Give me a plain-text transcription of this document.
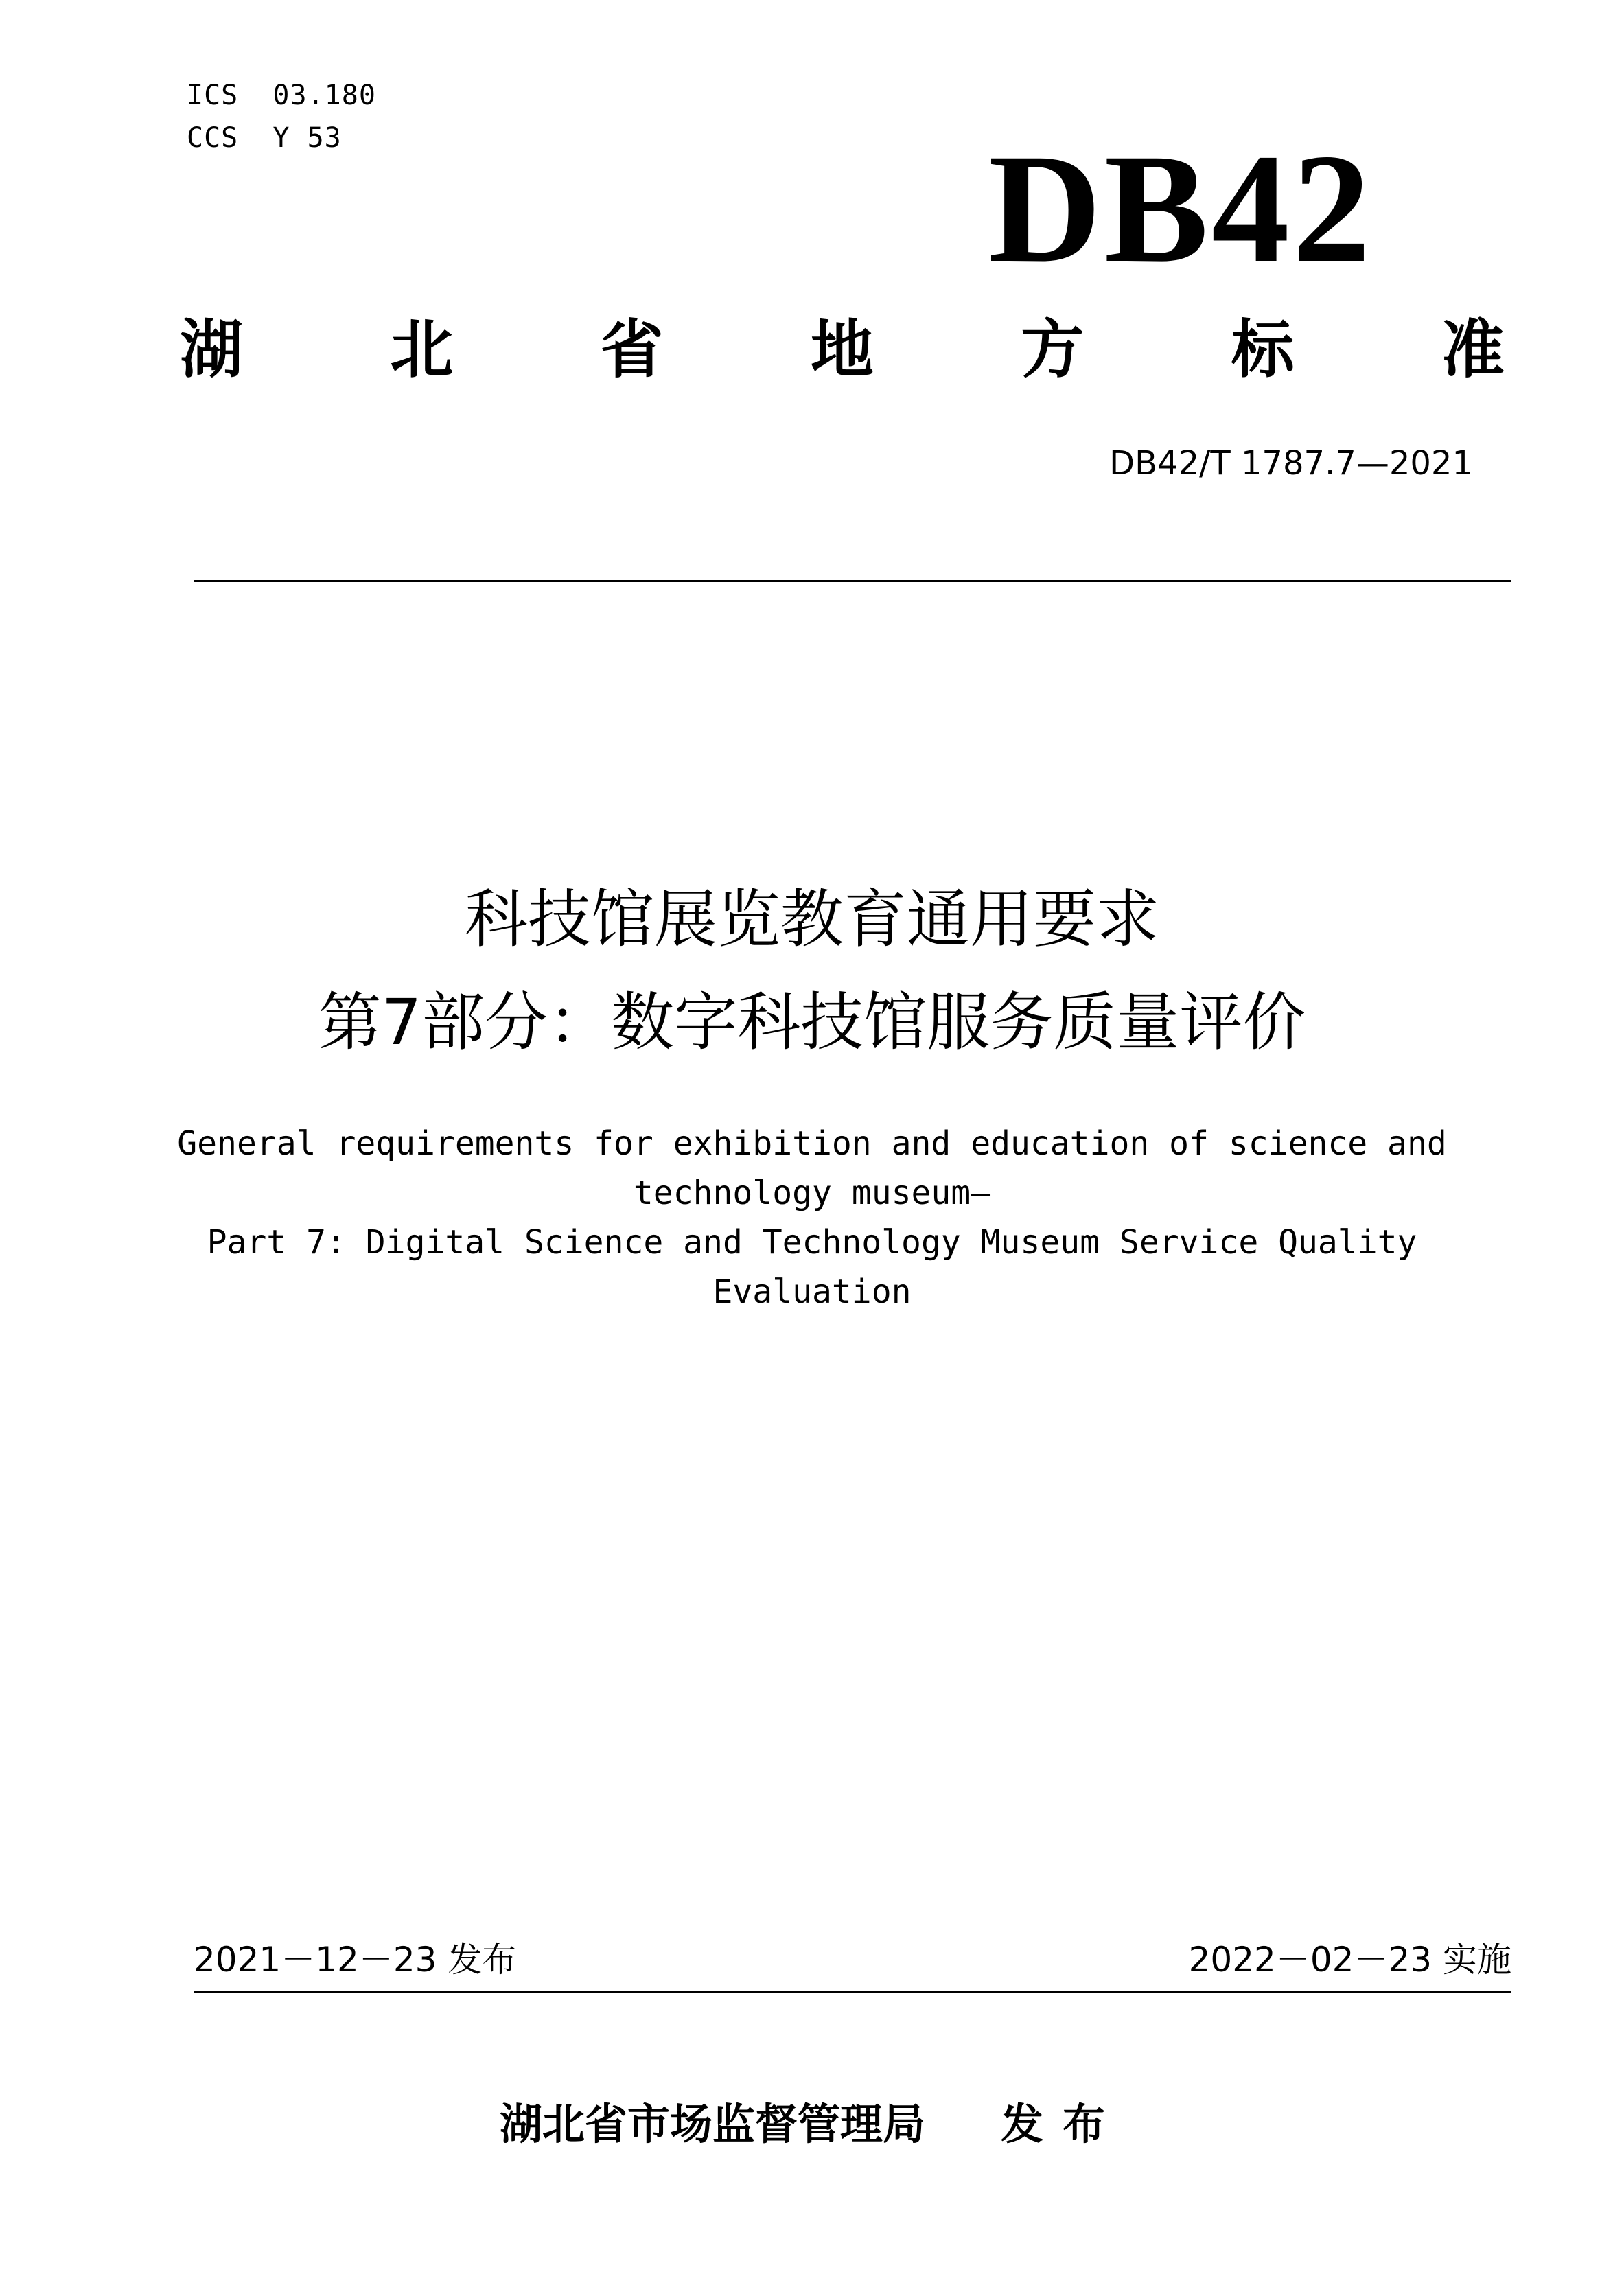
ICS  03.180
CCS  Y 53	DB42
湖 北 省 地 方 标 准
DB42/T 1787.7—2021
科技馆展览教育通用要求
第7部分：数字科技馆服务质量评价
General requirements for exhibition and education of science and
technology museum—
Part 7: Digital Science and Technology Museum Service Quality
Evaluation
2021－12－23 发布	2022－02－23 实施
湖北省市场监督管理局 发布
